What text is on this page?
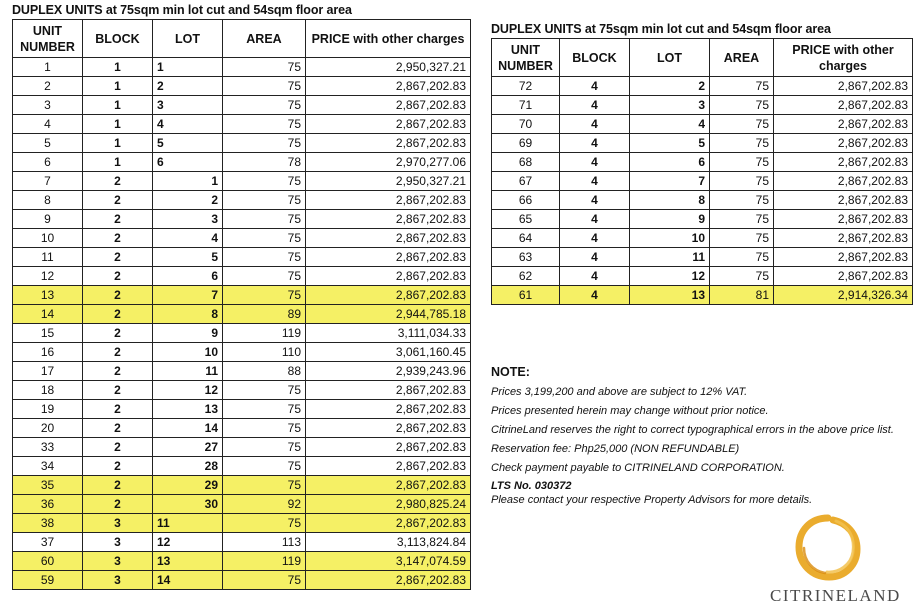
DUPLEX UNITS at 75sqm min lot cut and 54sqm floor area
UNIT NUMBER	BLOCK	LOT	AREA	PRICE with other charges
1	1	1	75	2,950,327.21
2	1	2	75	2,867,202.83
3	1	3	75	2,867,202.83
4	1	4	75	2,867,202.83
5	1	5	75	2,867,202.83
6	1	6	78	2,970,277.06
7	2	1	75	2,950,327.21
8	2	2	75	2,867,202.83
9	2	3	75	2,867,202.83
10	2	4	75	2,867,202.83
11	2	5	75	2,867,202.83
12	2	6	75	2,867,202.83
13	2	7	75	2,867,202.83
14	2	8	89	2,944,785.18
15	2	9	119	3,111,034.33
16	2	10	110	3,061,160.45
17	2	11	88	2,939,243.96
18	2	12	75	2,867,202.83
19	2	13	75	2,867,202.83
20	2	14	75	2,867,202.83
33	2	27	75	2,867,202.83
34	2	28	75	2,867,202.83
35	2	29	75	2,867,202.83
36	2	30	92	2,980,825.24
38	3	11	75	2,867,202.83
37	3	12	113	3,113,824.84
60	3	13	119	3,147,074.59
59	3	14	75	2,867,202.83
DUPLEX UNITS at 75sqm min lot cut and 54sqm floor area
UNIT NUMBER	BLOCK	LOT	AREA	PRICE with other charges
72	4	2	75	2,867,202.83
71	4	3	75	2,867,202.83
70	4	4	75	2,867,202.83
69	4	5	75	2,867,202.83
68	4	6	75	2,867,202.83
67	4	7	75	2,867,202.83
66	4	8	75	2,867,202.83
65	4	9	75	2,867,202.83
64	4	10	75	2,867,202.83
63	4	11	75	2,867,202.83
62	4	12	75	2,867,202.83
61	4	13	81	2,914,326.34
NOTE:
Prices 3,199,200 and above are subject to 12% VAT.
Prices presented herein may change without prior notice.
CitrineLand reserves the right to correct typographical errors in the above price list.
Reservation fee: Php25,000 (NON REFUNDABLE)
Check payment payable to CITRINELAND CORPORATION.
LTS No. 030372
Please contact your respective Property Advisors for more details.
CITRINELAND
